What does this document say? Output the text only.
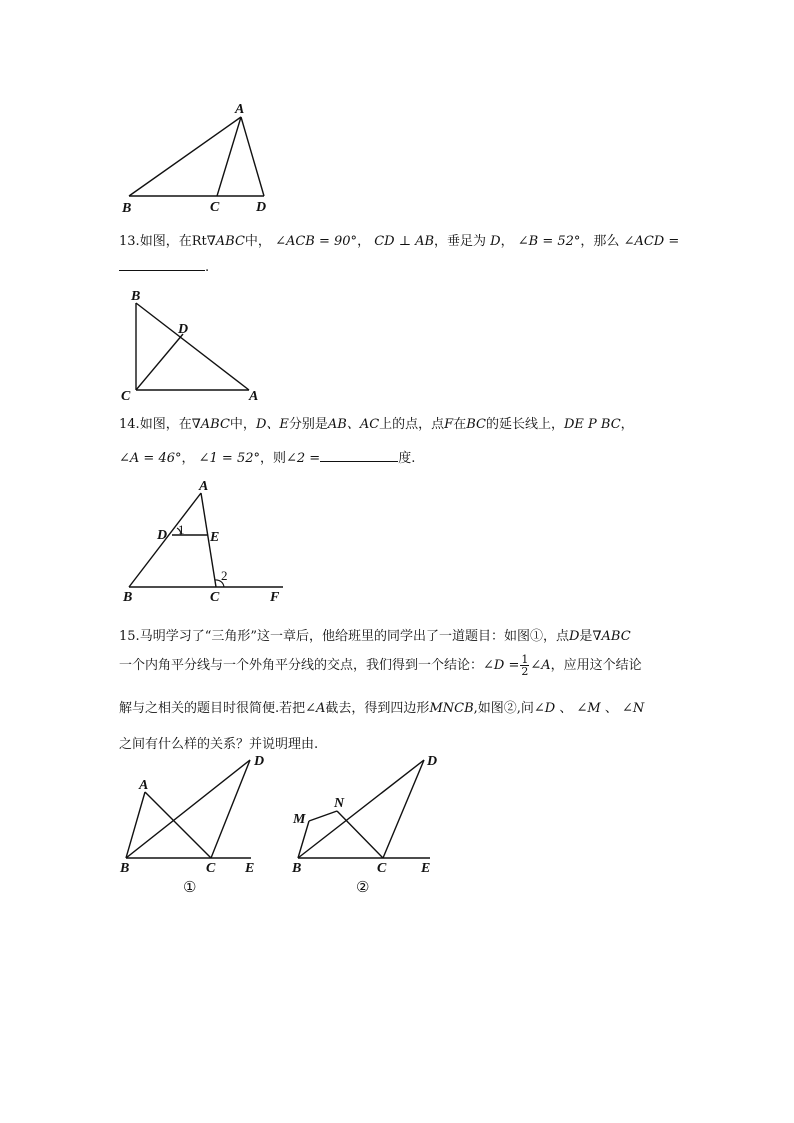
A
B	C	D
13.如图，在Rt∇ABC中， ∠ACB = 90°， CD ⊥ AB，垂足为 D， ∠B = 52°，那么 ∠ACD =
.
B
D
C	A
14.如图，在∇ABC中，D、E分别是AB、AC上的点，点F在BC的延长线上，DE P BC，
∠A = 46°， ∠1 = 52°，则∠2 =	度.
A
D 1
E
2
B	C	F
15.马明学习了“三角形”这一章后，他给班里的同学出了一道题目：如图①，点D是∇ABC
一个内角平分线与一个外角平分线的交点，我们得到一个结论：∠D = $\frac{1}{2}$ ∠A，应用这个结论
解与之相关的题目时很简便.若把∠A截去，得到四边形MNCB,如图②,问∠D 、 ∠M 、 ∠N
之间有什么样的关系？并说明理由.
A
D
B	C E
①
D
N
M
B	C E
②
